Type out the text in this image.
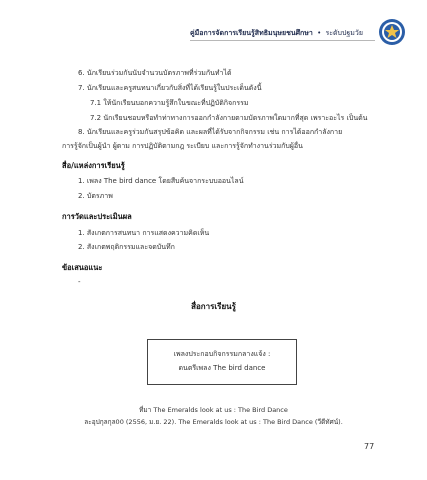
คู่มือการจัดการเรียนรู้สิทธิมนุษยชนศึกษา • ระดับปฐมวัย
6. นักเรียนร่วมกันนับจำนวนบัตรภาพที่ร่วมกันทำได้
7. นักเรียนและครูสนทนาเกี่ยวกับสิ่งที่ได้เรียนรู้ในประเด็นดังนี้
7.1 ให้นักเรียนบอกความรู้สึกในขณะที่ปฏิบัติกิจกรรม
7.2 นักเรียนชอบหรือทำท่าทางการออกกำลังกายตามบัตรภาพใดมากที่สุด เพราะอะไร เป็นต้น
8. นักเรียนและครูร่วมกันสรุปข้อคิด และผลที่ได้รับจากกิจกรรม เช่น การได้ออกกำลังกาย
การรู้จักเป็นผู้นำ ผู้ตาม การปฏิบัติตามกฎ ระเบียบ และการรู้จักทำงานร่วมกับผู้อื่น
สื่อ/แหล่งการเรียนรู้
1. เพลง The bird dance โดยสืบค้นจากระบบออนไลน์
2. บัตรภาพ
การวัดและประเมินผล
1. สังเกตการสนทนา การแสดงความคิดเห็น
2. สังเกตพฤติกรรมและจดบันทึก
ข้อเสนอแนะ
-
สื่อการเรียนรู้
เพลงประกอบกิจกรรมกลางแจ้ง :
ดนตรีเพลง The bird dance
ที่มา The Emeralds look at us : The Bird Dance
ละอุปกุลกุล00 (2556, ม.ย. 22). The Emeralds look at us : The Bird Dance (วีดีทัศน์).
77
